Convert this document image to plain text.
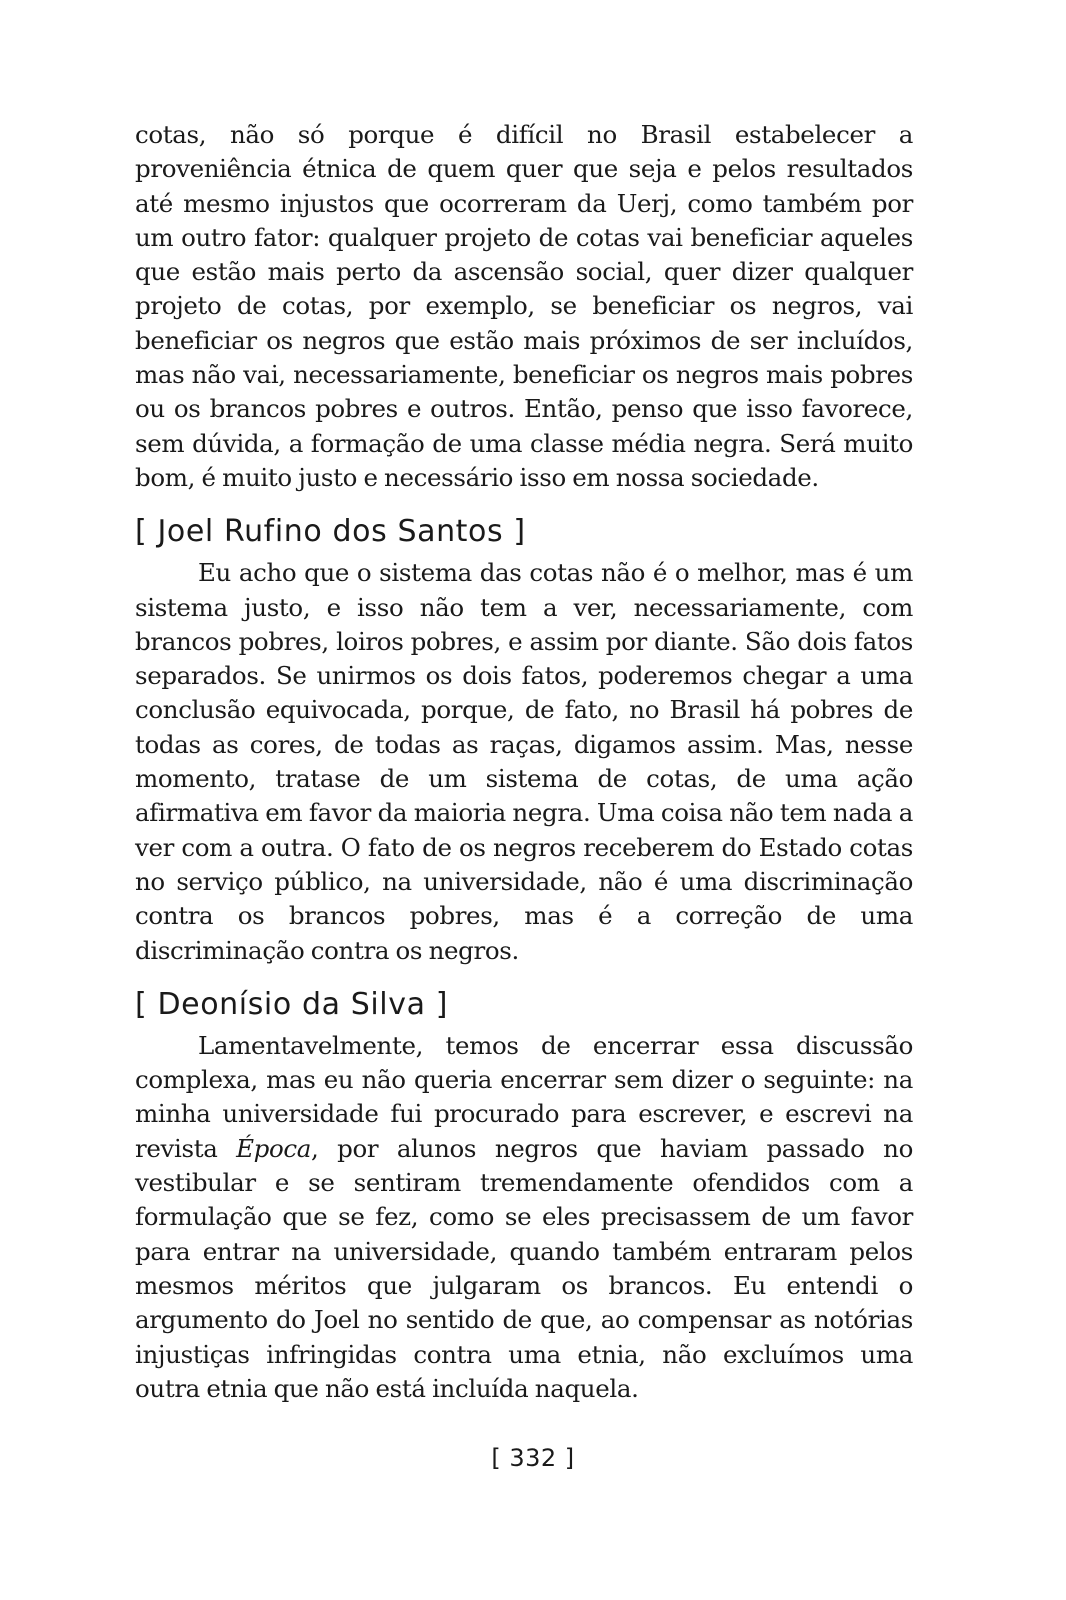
cotas, não só porque é difícil no Brasil estabelecer a proveniência étnica de quem quer que seja e pelos resultados até mesmo injustos que ocorreram da Uerj, como também por um outro fator: qualquer projeto de cotas vai beneficiar aqueles que estão mais perto da ascensão social, quer dizer qualquer projeto de cotas, por exemplo, se beneficiar os negros, vai beneficiar os negros que estão mais próximos de ser incluídos, mas não vai, necessariamente, beneficiar os negros mais pobres ou os brancos pobres e outros. Então, penso que isso favorece, sem dúvida, a formação de uma classe média negra. Será muito bom, é muito justo e necessário isso em nossa sociedade.

[ Joel Rufino dos Santos ]

Eu acho que o sistema das cotas não é o melhor, mas é um sistema justo, e isso não tem a ver, necessariamente, com brancos pobres, loiros pobres, e assim por diante. São dois fatos separados. Se unirmos os dois fatos, poderemos chegar a uma conclusão equivocada, porque, de fato, no Brasil há pobres de todas as cores, de todas as raças, digamos assim. Mas, nesse momento, tratase de um sistema de cotas, de uma ação afirmativa em favor da maioria negra. Uma coisa não tem nada a ver com a outra. O fato de os negros receberem do Estado cotas no serviço público, na universidade, não é uma discriminação contra os brancos pobres, mas é a correção de uma discriminação contra os negros.

[ Deonísio da Silva ]

Lamentavelmente, temos de encerrar essa discussão complexa, mas eu não queria encerrar sem dizer o seguinte: na minha universidade fui procurado para escrever, e escrevi na revista Época, por alunos negros que haviam passado no vestibular e se sentiram tremendamente ofendidos com a formulação que se fez, como se eles precisassem de um favor para entrar na universidade, quando também entraram pelos mesmos méritos que julgaram os brancos. Eu entendi o argumento do Joel no sentido de que, ao compensar as notórias injustiças infringidas contra uma etnia, não excluímos uma outra etnia que não está incluída naquela.

[ 332 ]
